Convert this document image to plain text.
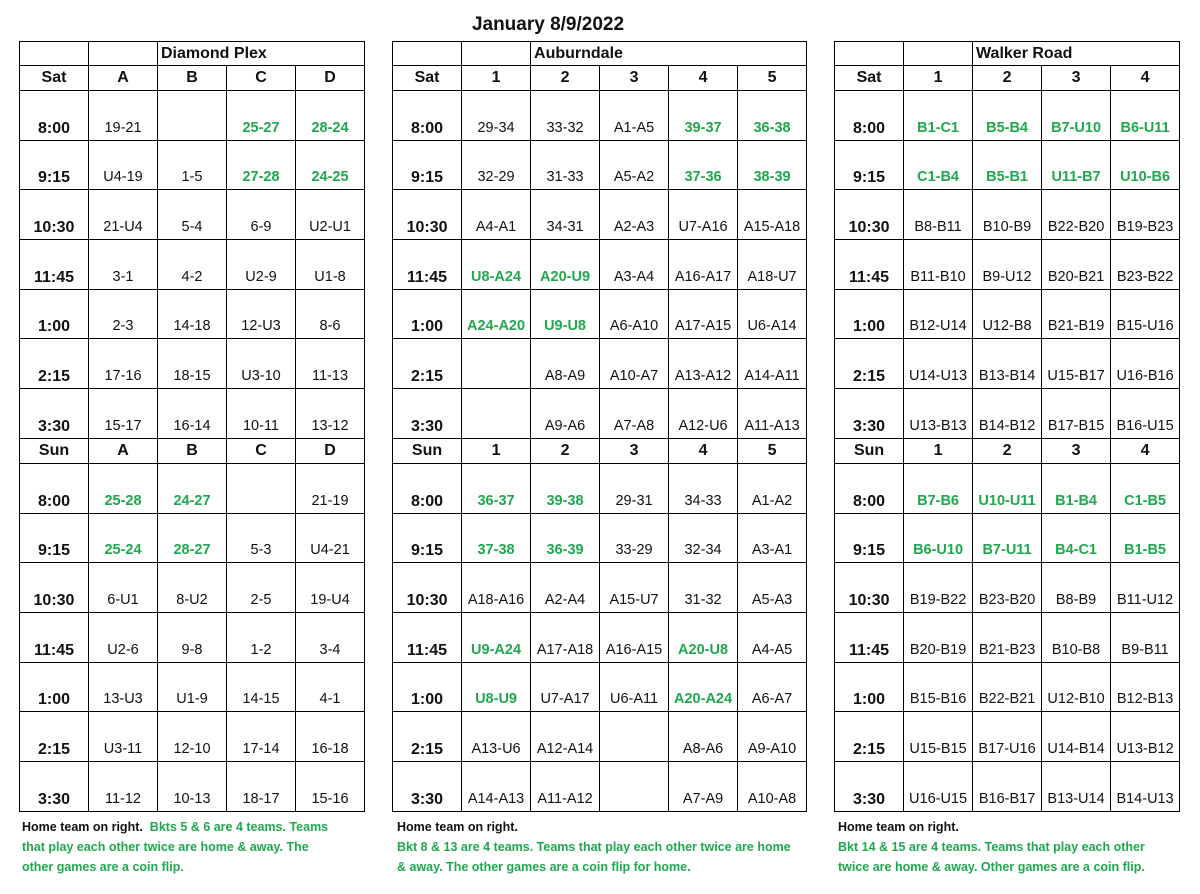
January 8/9/2022
		Diamond Plex						Auburndale							Walker Road		
Sat	A	B	C	D		Sat	1	2	3	4	5		Sat	1	2	3	4
8:00	19-21		25-27	28-24		8:00	29-34	33-32	A1-A5	39-37	36-38		8:00	B1-C1	B5-B4	B7-U10	B6-U11
9:15	U4-19	1-5	27-28	24-25		9:15	32-29	31-33	A5-A2	37-36	38-39		9:15	C1-B4	B5-B1	U11-B7	U10-B6
10:30	21-U4	5-4	6-9	U2-U1		10:30	A4-A1	34-31	A2-A3	U7-A16	A15-A18		10:30	B8-B11	B10-B9	B22-B20	B19-B23
11:45	3-1	4-2	U2-9	U1-8		11:45	U8-A24	A20-U9	A3-A4	A16-A17	A18-U7		11:45	B11-B10	B9-U12	B20-B21	B23-B22
1:00	2-3	14-18	12-U3	8-6		1:00	A24-A20	U9-U8	A6-A10	A17-A15	U6-A14		1:00	B12-U14	U12-B8	B21-B19	B15-U16
2:15	17-16	18-15	U3-10	11-13		2:15		A8-A9	A10-A7	A13-A12	A14-A11		2:15	U14-U13	B13-B14	U15-B17	U16-B16
3:30	15-17	16-14	10-11	13-12		3:30		A9-A6	A7-A8	A12-U6	A11-A13		3:30	U13-B13	B14-B12	B17-B15	B16-U15
Sun	A	B	C	D		Sun	1	2	3	4	5		Sun	1	2	3	4
8:00	25-28	24-27		21-19		8:00	36-37	39-38	29-31	34-33	A1-A2		8:00	B7-B6	U10-U11	B1-B4	C1-B5
9:15	25-24	28-27	5-3	U4-21		9:15	37-38	36-39	33-29	32-34	A3-A1		9:15	B6-U10	B7-U11	B4-C1	B1-B5
10:30	6-U1	8-U2	2-5	19-U4		10:30	A18-A16	A2-A4	A15-U7	31-32	A5-A3		10:30	B19-B22	B23-B20	B8-B9	B11-U12
11:45	U2-6	9-8	1-2	3-4		11:45	U9-A24	A17-A18	A16-A15	A20-U8	A4-A5		11:45	B20-B19	B21-B23	B10-B8	B9-B11
1:00	13-U3	U1-9	14-15	4-1		1:00	U8-U9	U7-A17	U6-A11	A20-A24	A6-A7		1:00	B15-B16	B22-B21	U12-B10	B12-B13
2:15	U3-11	12-10	17-14	16-18		2:15	A13-U6	A12-A14		A8-A6	A9-A10		2:15	U15-B15	B17-U16	U14-B14	U13-B12
3:30	11-12	10-13	18-17	15-16		3:30	A14-A13	A11-A12		A7-A9	A10-A8		3:30	U16-U15	B16-B17	B13-U14	B14-U13
Home team on right. Bkts 5 & 6 are 4 teams. Teams
that play each other twice are home & away. The
other games are a coin flip.
Home team on right.
Bkt 8 & 13 are 4 teams. Teams that play each other twice are home
& away. The other games are a coin flip for home.
Home team on right.
Bkt 14 & 15 are 4 teams. Teams that play each other
twice are home & away. Other games are a coin flip.
